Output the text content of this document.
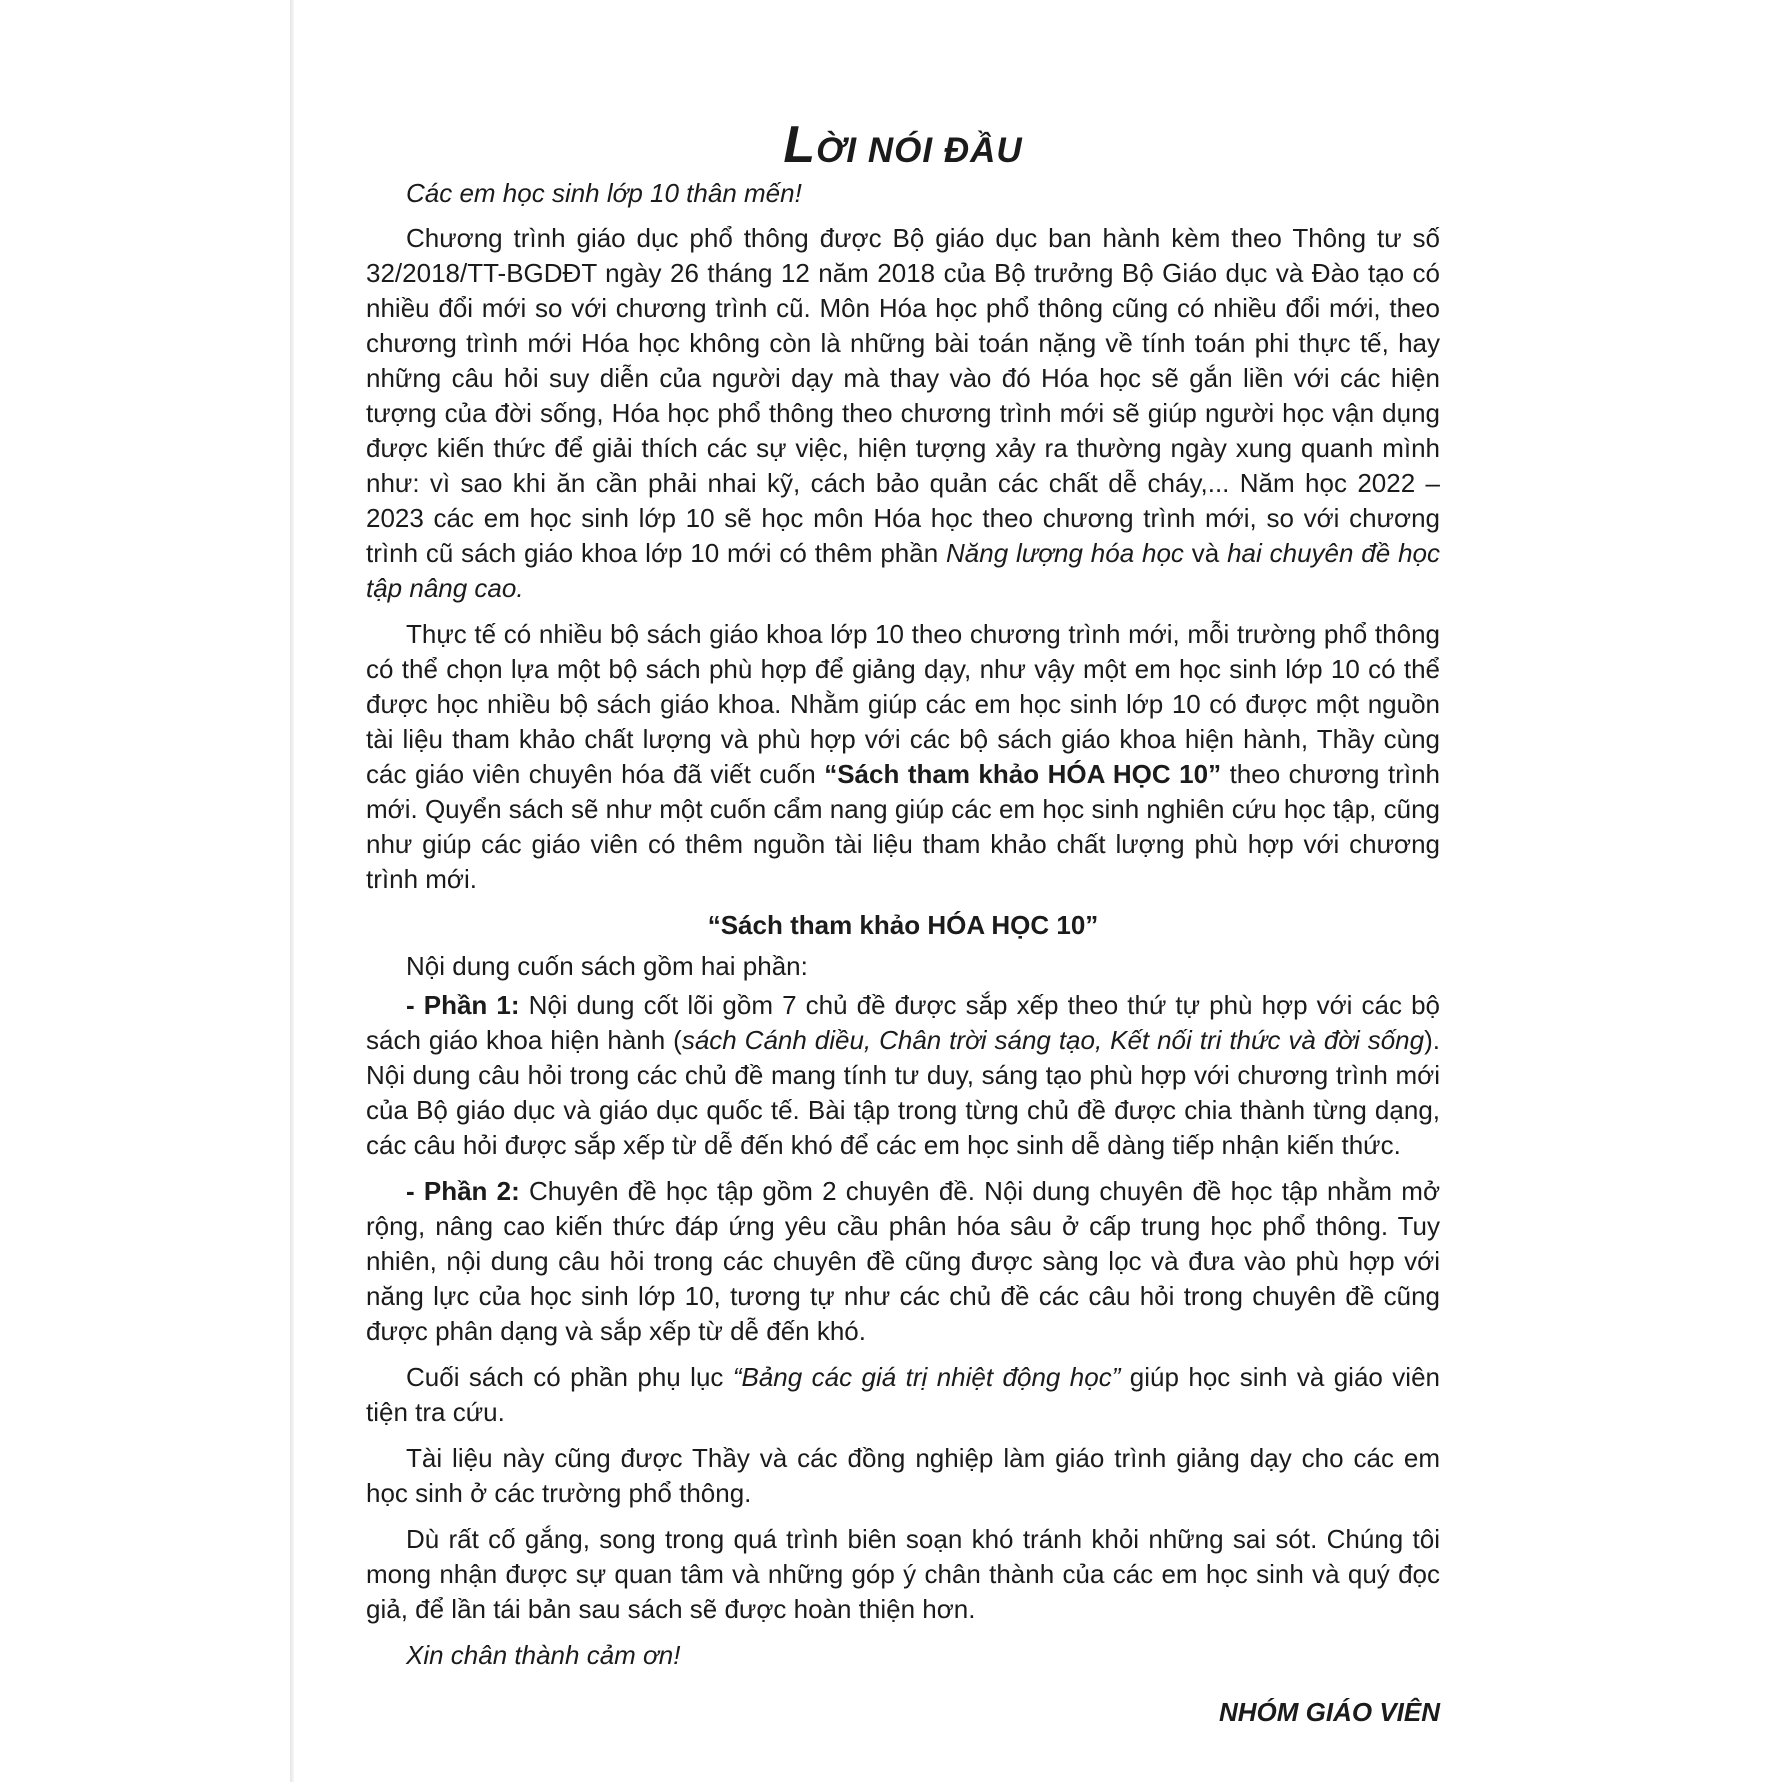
LỜI NÓI ĐẦU

Các em học sinh lớp 10 thân mến!

Chương trình giáo dục phổ thông được Bộ giáo dục ban hành kèm theo Thông tư số 32/2018/TT-BGDĐT ngày 26 tháng 12 năm 2018 của Bộ trưởng Bộ Giáo dục và Đào tạo có nhiều đổi mới so với chương trình cũ. Môn Hóa học phổ thông cũng có nhiều đổi mới, theo chương trình mới Hóa học không còn là những bài toán nặng về tính toán phi thực tế, hay những câu hỏi suy diễn của người dạy mà thay vào đó Hóa học sẽ gắn liền với các hiện tượng của đời sống, Hóa học phổ thông theo chương trình mới sẽ giúp người học vận dụng được kiến thức để giải thích các sự việc, hiện tượng xảy ra thường ngày xung quanh mình như: vì sao khi ăn cần phải nhai kỹ, cách bảo quản các chất dễ cháy,... Năm học 2022 – 2023 các em học sinh lớp 10 sẽ học môn Hóa học theo chương trình mới, so với chương trình cũ sách giáo khoa lớp 10 mới có thêm phần Năng lượng hóa học và hai chuyên đề học tập nâng cao.

Thực tế có nhiều bộ sách giáo khoa lớp 10 theo chương trình mới, mỗi trường phổ thông có thể chọn lựa một bộ sách phù hợp để giảng dạy, như vậy một em học sinh lớp 10 có thể được học nhiều bộ sách giáo khoa. Nhằm giúp các em học sinh lớp 10 có được một nguồn tài liệu tham khảo chất lượng và phù hợp với các bộ sách giáo khoa hiện hành, Thầy cùng các giáo viên chuyên hóa đã viết cuốn “Sách tham khảo HÓA HỌC 10” theo chương trình mới. Quyển sách sẽ như một cuốn cẩm nang giúp các em học sinh nghiên cứu học tập, cũng như giúp các giáo viên có thêm nguồn tài liệu tham khảo chất lượng phù hợp với chương trình mới.

“Sách tham khảo HÓA HỌC 10”

Nội dung cuốn sách gồm hai phần:

- Phần 1: Nội dung cốt lõi gồm 7 chủ đề được sắp xếp theo thứ tự phù hợp với các bộ sách giáo khoa hiện hành (sách Cánh diều, Chân trời sáng tạo, Kết nối tri thức và đời sống). Nội dung câu hỏi trong các chủ đề mang tính tư duy, sáng tạo phù hợp với chương trình mới của Bộ giáo dục và giáo dục quốc tế. Bài tập trong từng chủ đề được chia thành từng dạng, các câu hỏi được sắp xếp từ dễ đến khó để các em học sinh dễ dàng tiếp nhận kiến thức.

- Phần 2: Chuyên đề học tập gồm 2 chuyên đề. Nội dung chuyên đề học tập nhằm mở rộng, nâng cao kiến thức đáp ứng yêu cầu phân hóa sâu ở cấp trung học phổ thông. Tuy nhiên, nội dung câu hỏi trong các chuyên đề cũng được sàng lọc và đưa vào phù hợp với năng lực của học sinh lớp 10, tương tự như các chủ đề các câu hỏi trong chuyên đề cũng được phân dạng và sắp xếp từ dễ đến khó.

Cuối sách có phần phụ lục “Bảng các giá trị nhiệt động học” giúp học sinh và giáo viên tiện tra cứu.

Tài liệu này cũng được Thầy và các đồng nghiệp làm giáo trình giảng dạy cho các em học sinh ở các trường phổ thông.

Dù rất cố gắng, song trong quá trình biên soạn khó tránh khỏi những sai sót. Chúng tôi mong nhận được sự quan tâm và những góp ý chân thành của các em học sinh và quý đọc giả, để lần tái bản sau sách sẽ được hoàn thiện hơn.

Xin chân thành cảm ơn!

NHÓM GIÁO VIÊN
